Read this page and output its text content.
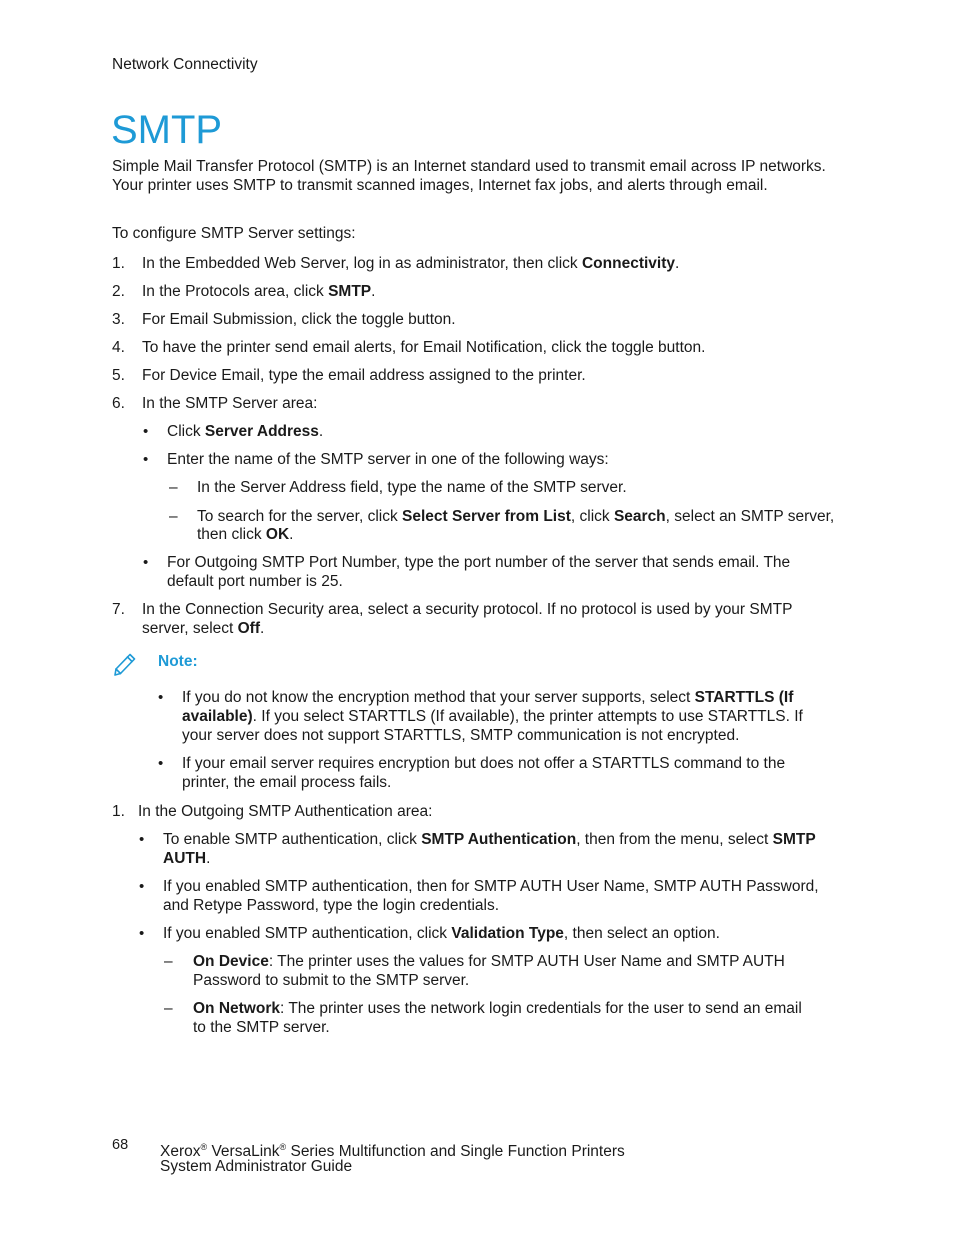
Network Connectivity
SMTP
Simple Mail Transfer Protocol (SMTP) is an Internet standard used to transmit email across IP networks. Your printer uses SMTP to transmit scanned images, Internet fax jobs, and alerts through email.
To configure SMTP Server settings:
1. In the Embedded Web Server, log in as administrator, then click Connectivity.
2. In the Protocols area, click SMTP.
3. For Email Submission, click the toggle button.
4. To have the printer send email alerts, for Email Notification, click the toggle button.
5. For Device Email, type the email address assigned to the printer.
6. In the SMTP Server area:
• Click Server Address.
• Enter the name of the SMTP server in one of the following ways:
– In the Server Address field, type the name of the SMTP server.
– To search for the server, click Select Server from List, click Search, select an SMTP server,
then click OK.
• For Outgoing SMTP Port Number, type the port number of the server that sends email. The
default port number is 25.
7. In the Connection Security area, select a security protocol. If no protocol is used by your SMTP
server, select Off.
Note:
• If you do not know the encryption method that your server supports, select STARTTLS (If
available). If you select STARTTLS (If available), the printer attempts to use STARTTLS. If
your server does not support STARTTLS, SMTP communication is not encrypted.
• If your email server requires encryption but does not offer a STARTTLS command to the
printer, the email process fails.
1. In the Outgoing SMTP Authentication area:
• To enable SMTP authentication, click SMTP Authentication, then from the menu, select SMTP
AUTH.
• If you enabled SMTP authentication, then for SMTP AUTH User Name, SMTP AUTH Password,
and Retype Password, type the login credentials.
• If you enabled SMTP authentication, click Validation Type, then select an option.
– On Device: The printer uses the values for SMTP AUTH User Name and SMTP AUTH
Password to submit to the SMTP server.
– On Network: The printer uses the network login credentials for the user to send an email
to the SMTP server.
68 Xerox® VersaLink® Series Multifunction and Single Function Printers
System Administrator Guide
